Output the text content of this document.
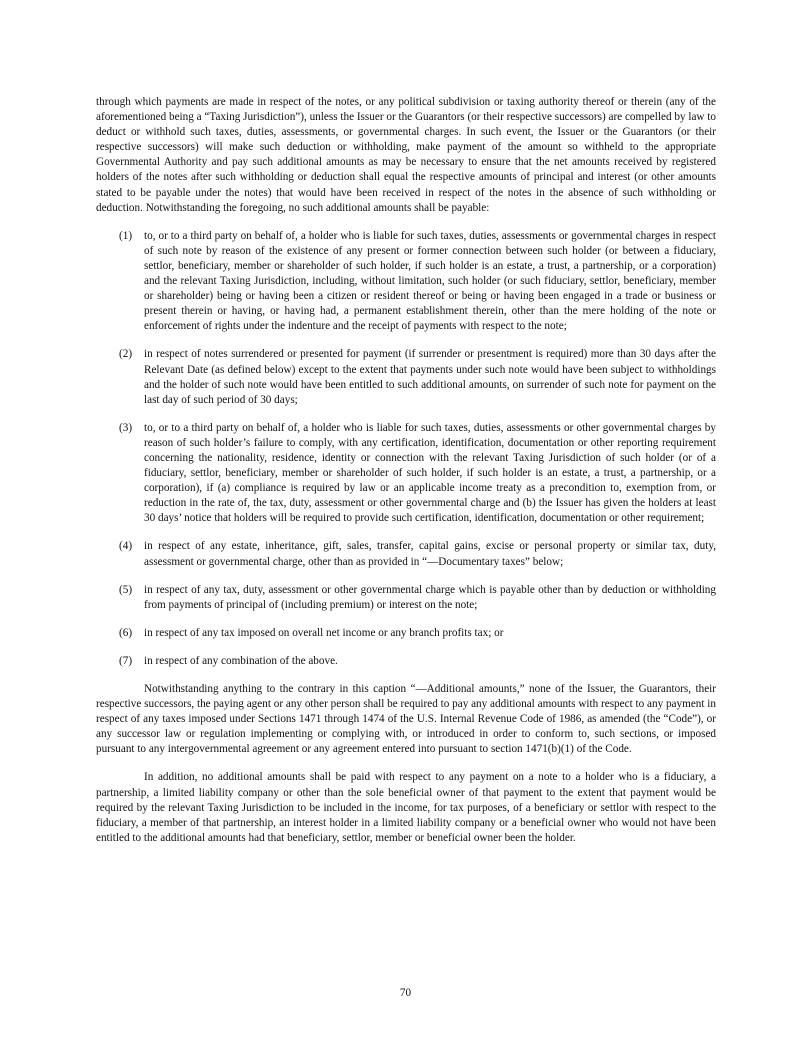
through which payments are made in respect of the notes, or any political subdivision or taxing authority thereof or therein (any of the aforementioned being a “Taxing Jurisdiction”), unless the Issuer or the Guarantors (or their respective successors) are compelled by law to deduct or withhold such taxes, duties, assessments, or governmental charges. In such event, the Issuer or the Guarantors (or their respective successors) will make such deduction or withholding, make payment of the amount so withheld to the appropriate Governmental Authority and pay such additional amounts as may be necessary to ensure that the net amounts received by registered holders of the notes after such withholding or deduction shall equal the respective amounts of principal and interest (or other amounts stated to be payable under the notes) that would have been received in respect of the notes in the absence of such withholding or deduction. Notwithstanding the foregoing, no such additional amounts shall be payable:

(1) to, or to a third party on behalf of, a holder who is liable for such taxes, duties, assessments or governmental charges in respect of such note by reason of the existence of any present or former connection between such holder (or between a fiduciary, settlor, beneficiary, member or shareholder of such holder, if such holder is an estate, a trust, a partnership, or a corporation) and the relevant Taxing Jurisdiction, including, without limitation, such holder (or such fiduciary, settlor, beneficiary, member or shareholder) being or having been a citizen or resident thereof or being or having been engaged in a trade or business or present therein or having, or having had, a permanent establishment therein, other than the mere holding of the note or enforcement of rights under the indenture and the receipt of payments with respect to the note;
(2) in respect of notes surrendered or presented for payment (if surrender or presentment is required) more than 30 days after the Relevant Date (as defined below) except to the extent that payments under such note would have been subject to withholdings and the holder of such note would have been entitled to such additional amounts, on surrender of such note for payment on the last day of such period of 30 days;
(3) to, or to a third party on behalf of, a holder who is liable for such taxes, duties, assessments or other governmental charges by reason of such holder’s failure to comply, with any certification, identification, documentation or other reporting requirement concerning the nationality, residence, identity or connection with the relevant Taxing Jurisdiction of such holder (or of a fiduciary, settlor, beneficiary, member or shareholder of such holder, if such holder is an estate, a trust, a partnership, or a corporation), if (a) compliance is required by law or an applicable income treaty as a precondition to, exemption from, or reduction in the rate of, the tax, duty, assessment or other governmental charge and (b) the Issuer has given the holders at least 30 days’ notice that holders will be required to provide such certification, identification, documentation or other requirement;
(4) in respect of any estate, inheritance, gift, sales, transfer, capital gains, excise or personal property or similar tax, duty, assessment or governmental charge, other than as provided in “—Documentary taxes” below;
(5) in respect of any tax, duty, assessment or other governmental charge which is payable other than by deduction or withholding from payments of principal of (including premium) or interest on the note;
(6) in respect of any tax imposed on overall net income or any branch profits tax; or
(7) in respect of any combination of the above.

Notwithstanding anything to the contrary in this caption “—Additional amounts,” none of the Issuer, the Guarantors, their respective successors, the paying agent or any other person shall be required to pay any additional amounts with respect to any payment in respect of any taxes imposed under Sections 1471 through 1474 of the U.S. Internal Revenue Code of 1986, as amended (the “Code”), or any successor law or regulation implementing or complying with, or introduced in order to conform to, such sections, or imposed pursuant to any intergovernmental agreement or any agreement entered into pursuant to section 1471(b)(1) of the Code.

In addition, no additional amounts shall be paid with respect to any payment on a note to a holder who is a fiduciary, a partnership, a limited liability company or other than the sole beneficial owner of that payment to the extent that payment would be required by the relevant Taxing Jurisdiction to be included in the income, for tax purposes, of a beneficiary or settlor with respect to the fiduciary, a member of that partnership, an interest holder in a limited liability company or a beneficial owner who would not have been entitled to the additional amounts had that beneficiary, settlor, member or beneficial owner been the holder.

70
